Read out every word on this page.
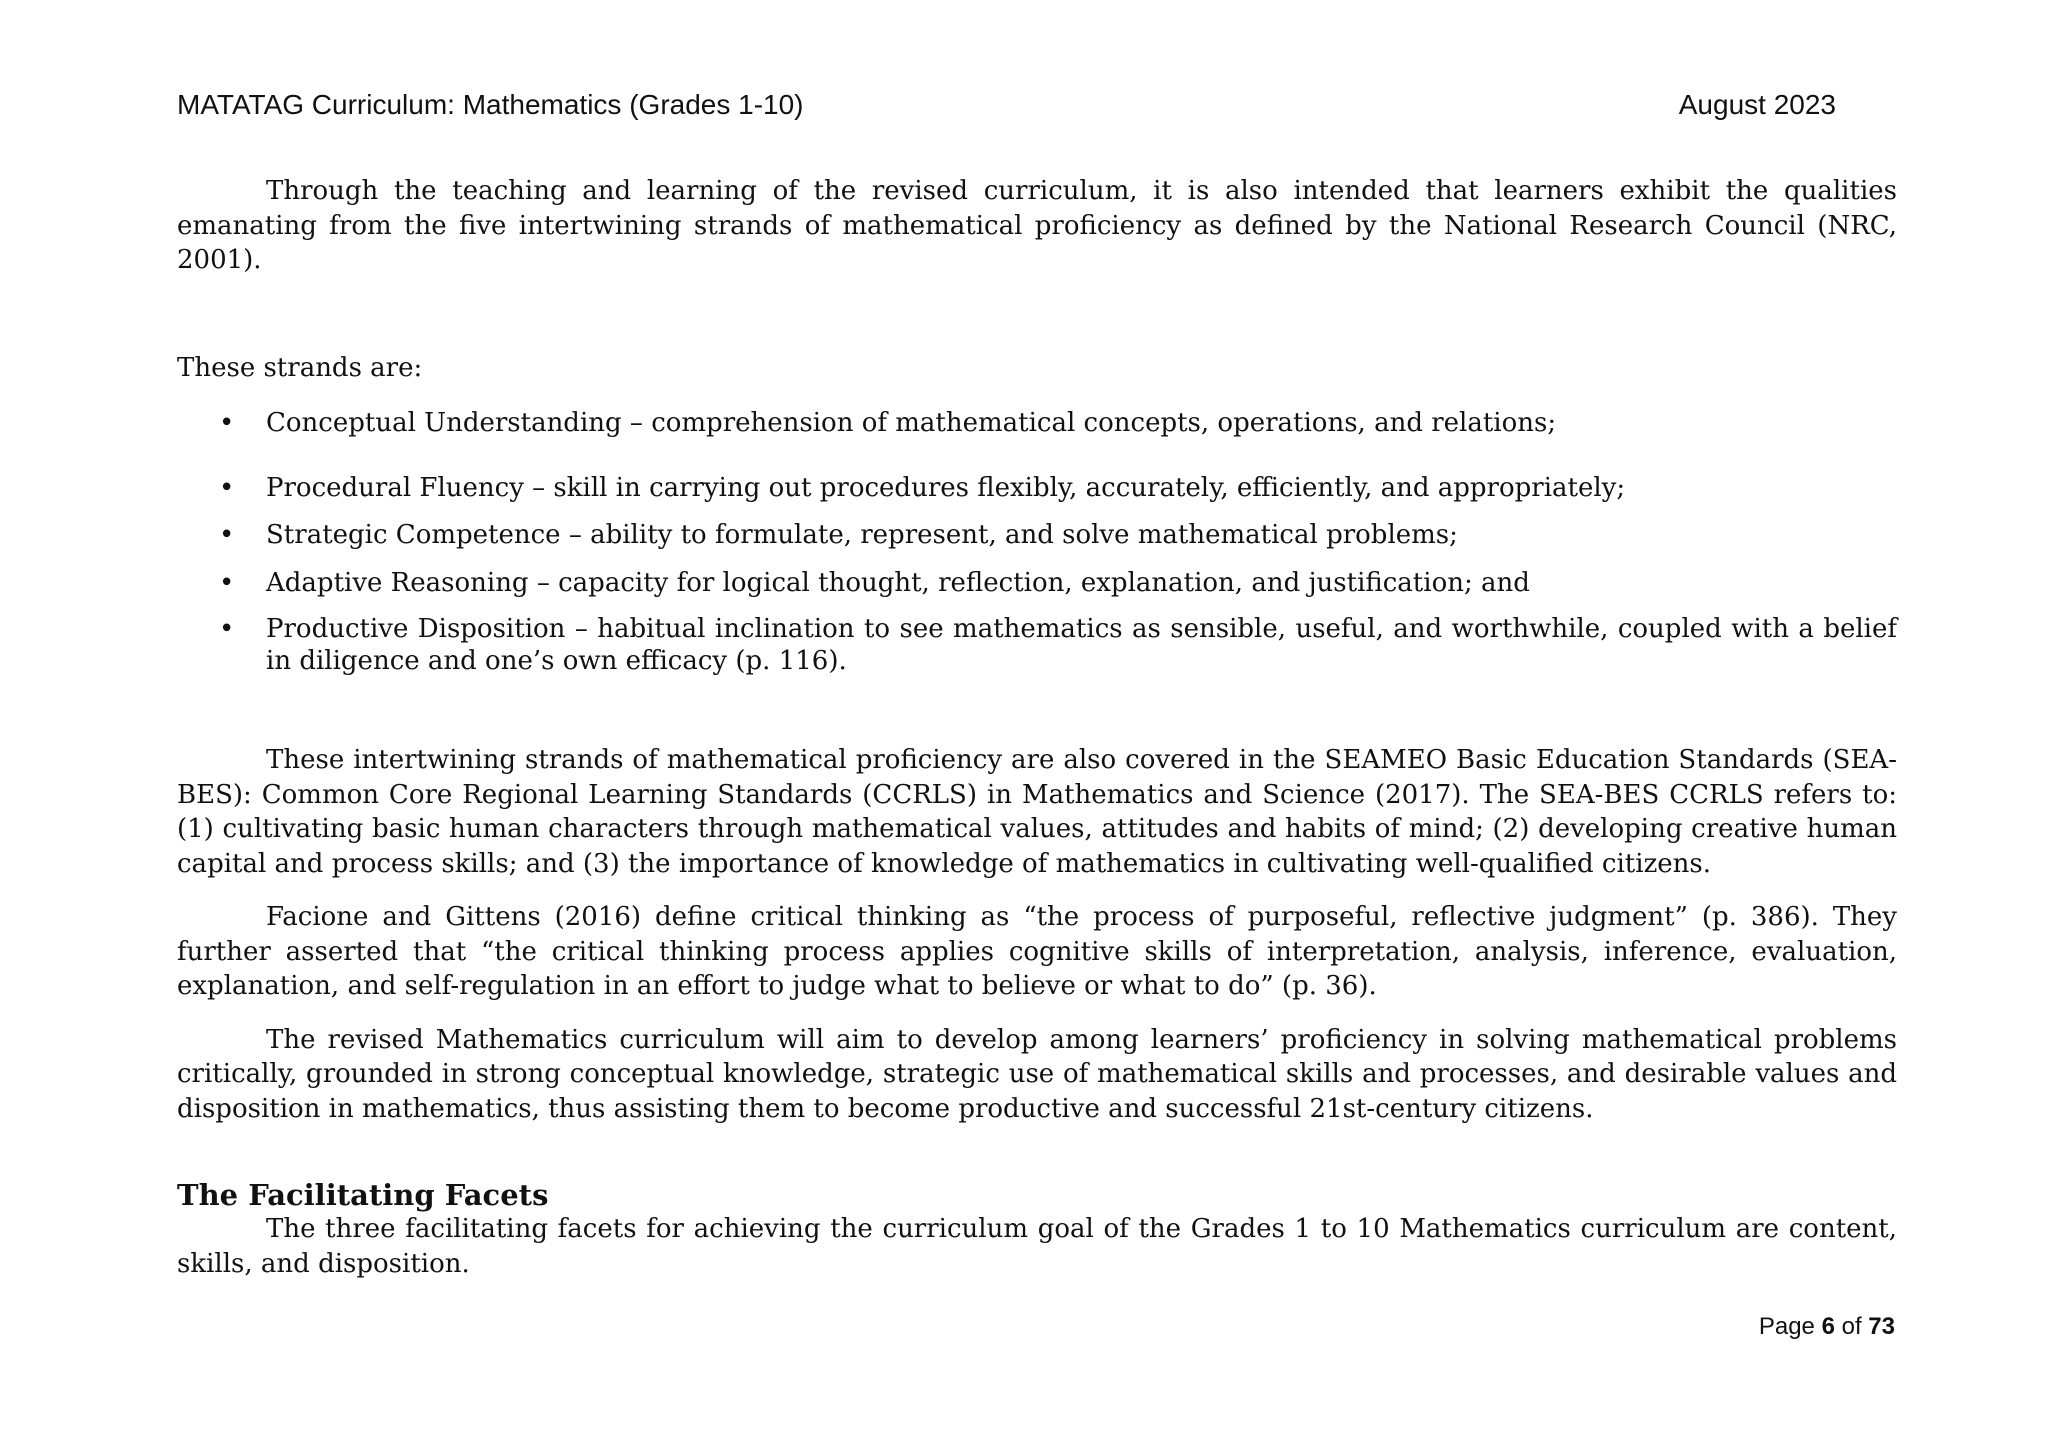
MATATAG Curriculum: Mathematics (Grades 1-10)	August 2023

Through the teaching and learning of the revised curriculum, it is also intended that learners exhibit the qualities emanating from the five intertwining strands of mathematical proficiency as defined by the National Research Council (NRC, 2001).

These strands are:

• Conceptual Understanding – comprehension of mathematical concepts, operations, and relations;
• Procedural Fluency – skill in carrying out procedures flexibly, accurately, efficiently, and appropriately;
• Strategic Competence – ability to formulate, represent, and solve mathematical problems;
• Adaptive Reasoning – capacity for logical thought, reflection, explanation, and justification; and
• Productive Disposition – habitual inclination to see mathematics as sensible, useful, and worthwhile, coupled with a belief in diligence and one’s own efficacy (p. 116).

These intertwining strands of mathematical proficiency are also covered in the SEAMEO Basic Education Standards (SEA-BES): Common Core Regional Learning Standards (CCRLS) in Mathematics and Science (2017). The SEA-BES CCRLS refers to: (1) cultivating basic human characters through mathematical values, attitudes and habits of mind; (2) developing creative human capital and process skills; and (3) the importance of knowledge of mathematics in cultivating well-qualified citizens.

Facione and Gittens (2016) define critical thinking as “the process of purposeful, reflective judgment” (p. 386). They further asserted that “the critical thinking process applies cognitive skills of interpretation, analysis, inference, evaluation, explanation, and self-regulation in an effort to judge what to believe or what to do” (p. 36).

The revised Mathematics curriculum will aim to develop among learners’ proficiency in solving mathematical problems critically, grounded in strong conceptual knowledge, strategic use of mathematical skills and processes, and desirable values and disposition in mathematics, thus assisting them to become productive and successful 21st-century citizens.

The Facilitating Facets

The three facilitating facets for achieving the curriculum goal of the Grades 1 to 10 Mathematics curriculum are content, skills, and disposition.

Page 6 of 73
